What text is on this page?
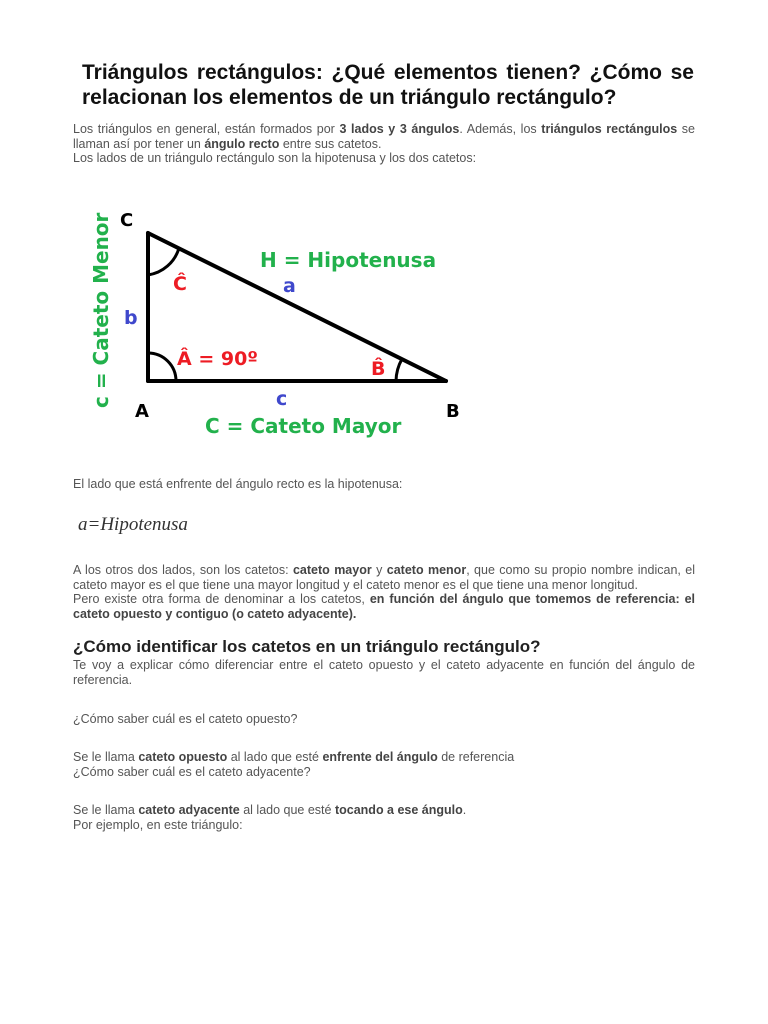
Triángulos rectángulos: ¿Qué elementos tienen? ¿Cómo se relacionan los elementos de un triángulo rectángulo?

Los triángulos en general, están formados por 3 lados y 3 ángulos. Además, los triángulos rectángulos se llaman así por tener un ángulo recto entre sus catetos.
Los lados de un triángulo rectángulo son la hipotenusa y los dos catetos:

C
A	B
a
b
c
Ĉ
Â = 90º	B̂
H = Hipotenusa
C = Cateto Mayor
c = Cateto Menor

El lado que está enfrente del ángulo recto es la hipotenusa:

a=Hipotenusa

A los otros dos lados, son los catetos: cateto mayor y cateto menor, que como su propio nombre indican, el cateto mayor es el que tiene una mayor longitud y el cateto menor es el que tiene una menor longitud.
Pero existe otra forma de denominar a los catetos, en función del ángulo que tomemos de referencia: el cateto opuesto y contiguo (o cateto adyacente).

¿Cómo identificar los catetos en un triángulo rectángulo?

Te voy a explicar cómo diferenciar entre el cateto opuesto y el cateto adyacente en función del ángulo de referencia.

¿Cómo saber cuál es el cateto opuesto?

Se le llama cateto opuesto al lado que esté enfrente del ángulo de referencia
¿Cómo saber cuál es el cateto adyacente?

Se le llama cateto adyacente al lado que esté tocando a ese ángulo.
Por ejemplo, en este triángulo:
